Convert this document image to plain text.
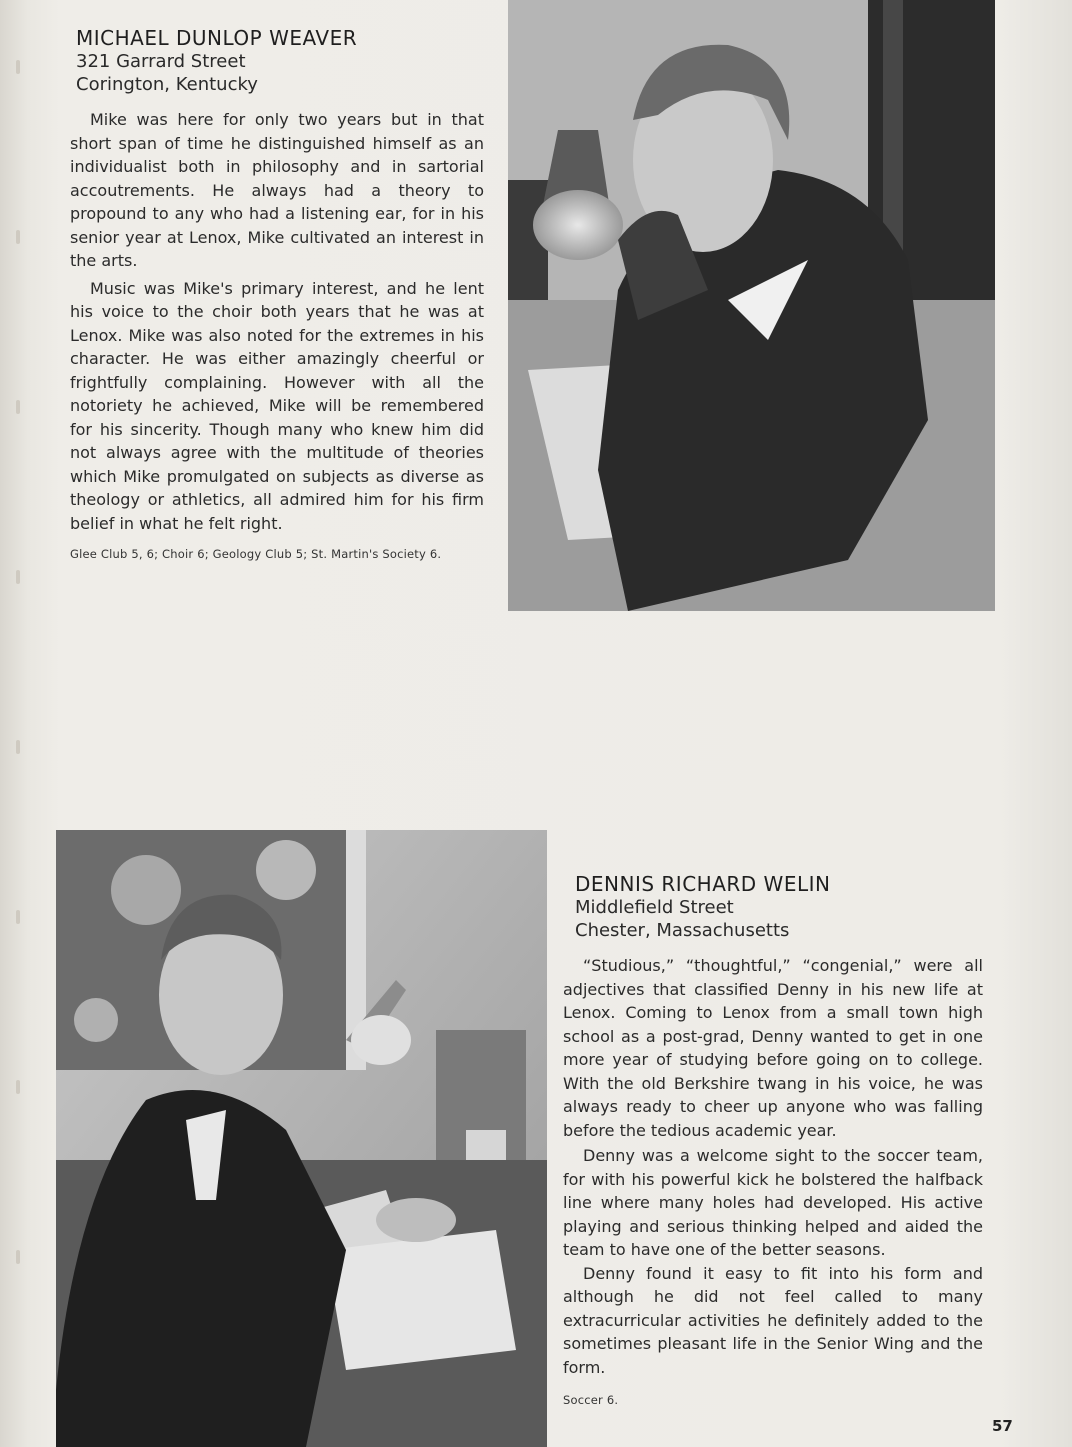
MICHAEL DUNLOP WEAVER

321 Garrard Street

Corington, Kentucky

Mike was here for only two years but in that short span of time he distinguished himself as an individualist both in philosophy and in sartorial accoutrements. He always had a theory to propound to any who had a listening ear, for in his senior year at Lenox, Mike cultivated an interest in the arts.

Music was Mike's primary interest, and he lent his voice to the choir both years that he was at Lenox. Mike was also noted for the extremes in his character. He was either amazingly cheerful or frightfully complaining. However with all the notoriety he achieved, Mike will be remembered for his sincerity. Though many who knew him did not always agree with the multitude of theories which Mike promulgated on subjects as diverse as theology or athletics, all admired him for his firm belief in what he felt right.

Glee Club 5, 6; Choir 6; Geology Club 5; St. Martin's Society 6.
DENNIS RICHARD WELIN

Middlefield Street

Chester, Massachusetts

“Studious,” “thoughtful,” “congenial,” were all adjectives that classified Denny in his new life at Lenox. Coming to Lenox from a small town high school as a post-grad, Denny wanted to get in one more year of studying before going on to college. With the old Berkshire twang in his voice, he was always ready to cheer up anyone who was falling before the tedious academic year.

Denny was a welcome sight to the soccer team, for with his powerful kick he bolstered the halfback line where many holes had developed. His active playing and serious thinking helped and aided the team to have one of the better seasons.

Denny found it easy to fit into his form and although he did not feel called to many extracurricular activities he definitely added to the sometimes pleasant life in the Senior Wing and the form.

Soccer 6.
57
